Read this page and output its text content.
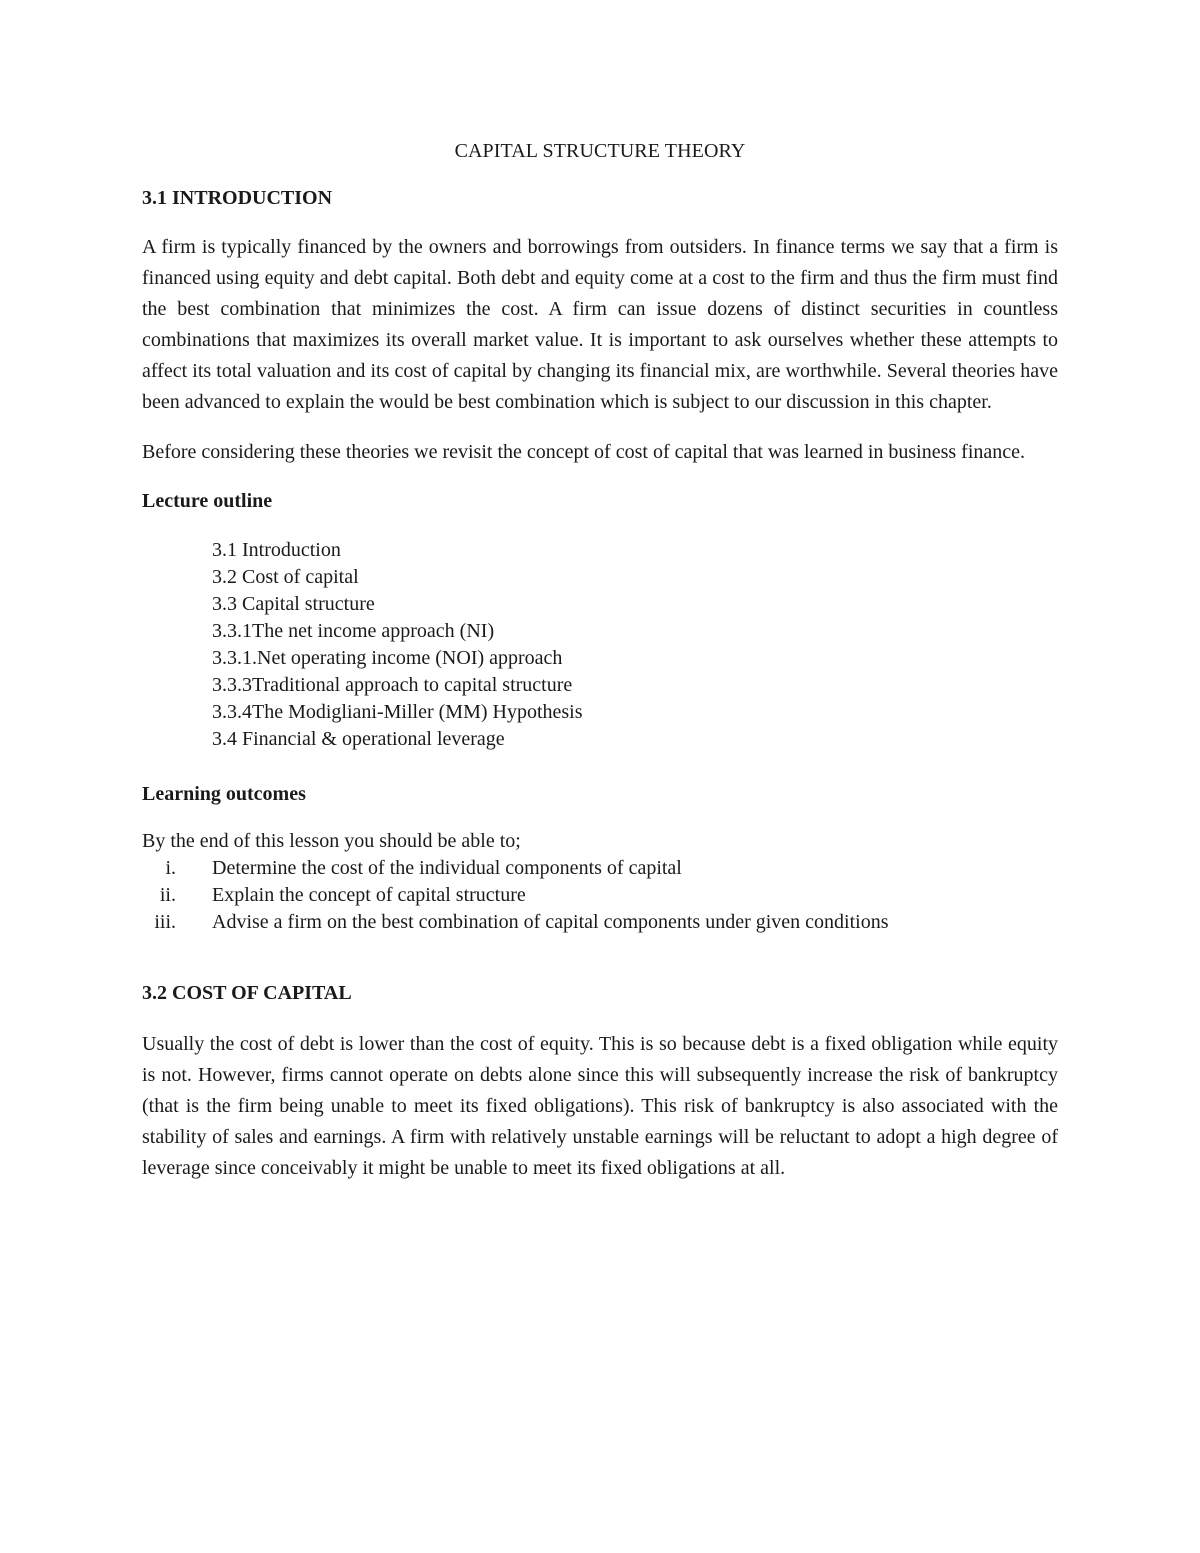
CAPITAL STRUCTURE THEORY
3.1 INTRODUCTION

A firm is typically financed by the owners and borrowings from outsiders. In finance terms we say that a firm is financed using equity and debt capital. Both debt and equity come at a cost to the firm and thus the firm must find the best combination that minimizes the cost. A firm can issue dozens of distinct securities in countless combinations that maximizes its overall market value. It is important to ask ourselves whether these attempts to affect its total valuation and its cost of capital by changing its financial mix, are worthwhile. Several theories have been advanced to explain the would be best combination which is subject to our discussion in this chapter.

Before considering these theories we revisit the concept of cost of capital that was learned in business finance.

Lecture outline
3.1 Introduction
3.2 Cost of capital
3.3 Capital structure
3.3.1The net income approach (NI)
3.3.1.Net operating income (NOI) approach
3.3.3Traditional approach to capital structure
3.3.4The Modigliani-Miller (MM) Hypothesis
3.4 Financial & operational leverage
Learning outcomes

By the end of this lesson you should be able to;

i. Determine the cost of the individual components of capital
ii. Explain the concept of capital structure
iii. Advise a firm on the best combination of capital components under given conditions
3.2 COST OF CAPITAL

Usually the cost of debt is lower than the cost of equity. This is so because debt is a fixed obligation while equity is not. However, firms cannot operate on debts alone since this will subsequently increase the risk of bankruptcy (that is the firm being unable to meet its fixed obligations). This risk of bankruptcy is also associated with the stability of sales and earnings. A firm with relatively unstable earnings will be reluctant to adopt a high degree of leverage since conceivably it might be unable to meet its fixed obligations at all.
